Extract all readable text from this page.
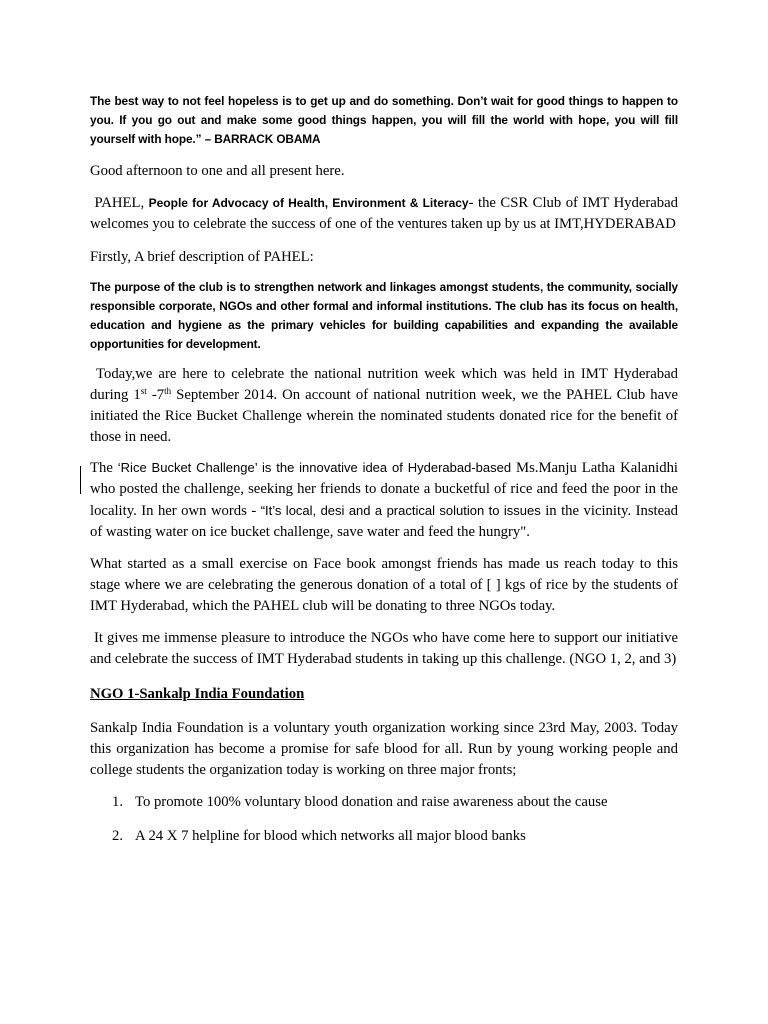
The best way to not feel hopeless is to get up and do something. Don’t wait for good things to happen to you. If you go out and make some good things happen, you will fill the world with hope, you will fill yourself with hope.” – BARRACK OBAMA

Good afternoon to one and all present here.

PAHEL, People for Advocacy of Health, Environment & Literacy- the CSR Club of IMT Hyderabad welcomes you to celebrate the success of one of the ventures taken up by us at IMT,HYDERABAD

Firstly, A brief description of PAHEL:

The purpose of the club is to strengthen network and linkages amongst students, the community, socially responsible corporate, NGOs and other formal and informal institutions. The club has its focus on health, education and hygiene as the primary vehicles for building capabilities and expanding the available opportunities for development.

Today,we are here to celebrate the national nutrition week which was held in IMT Hyderabad during 1st -7th September 2014. On account of national nutrition week, we the PAHEL Club have initiated the Rice Bucket Challenge wherein the nominated students donated rice for the benefit of those in need.

The ‘Rice Bucket Challenge’ is the innovative idea of Hyderabad-based Ms.Manju Latha Kalanidhi who posted the challenge, seeking her friends to donate a bucketful of rice and feed the poor in the locality. In her own words - “It’s local, desi and a practical solution to issues in the vicinity. Instead of wasting water on ice bucket challenge, save water and feed the hungry".

What started as a small exercise on Face book amongst friends has made us reach today to this stage where we are celebrating the generous donation of a total of [ ] kgs of rice by the students of IMT Hyderabad, which the PAHEL club will be donating to three NGOs today.

It gives me immense pleasure to introduce the NGOs who have come here to support our initiative and celebrate the success of IMT Hyderabad students in taking up this challenge. (NGO 1, 2, and 3)

NGO 1-Sankalp India Foundation

Sankalp India Foundation is a voluntary youth organization working since 23rd May, 2003. Today this organization has become a promise for safe blood for all. Run by young working people and college students the organization today is working on three major fronts;

1. To promote 100% voluntary blood donation and raise awareness about the cause
2. A 24 X 7 helpline for blood which networks all major blood banks
